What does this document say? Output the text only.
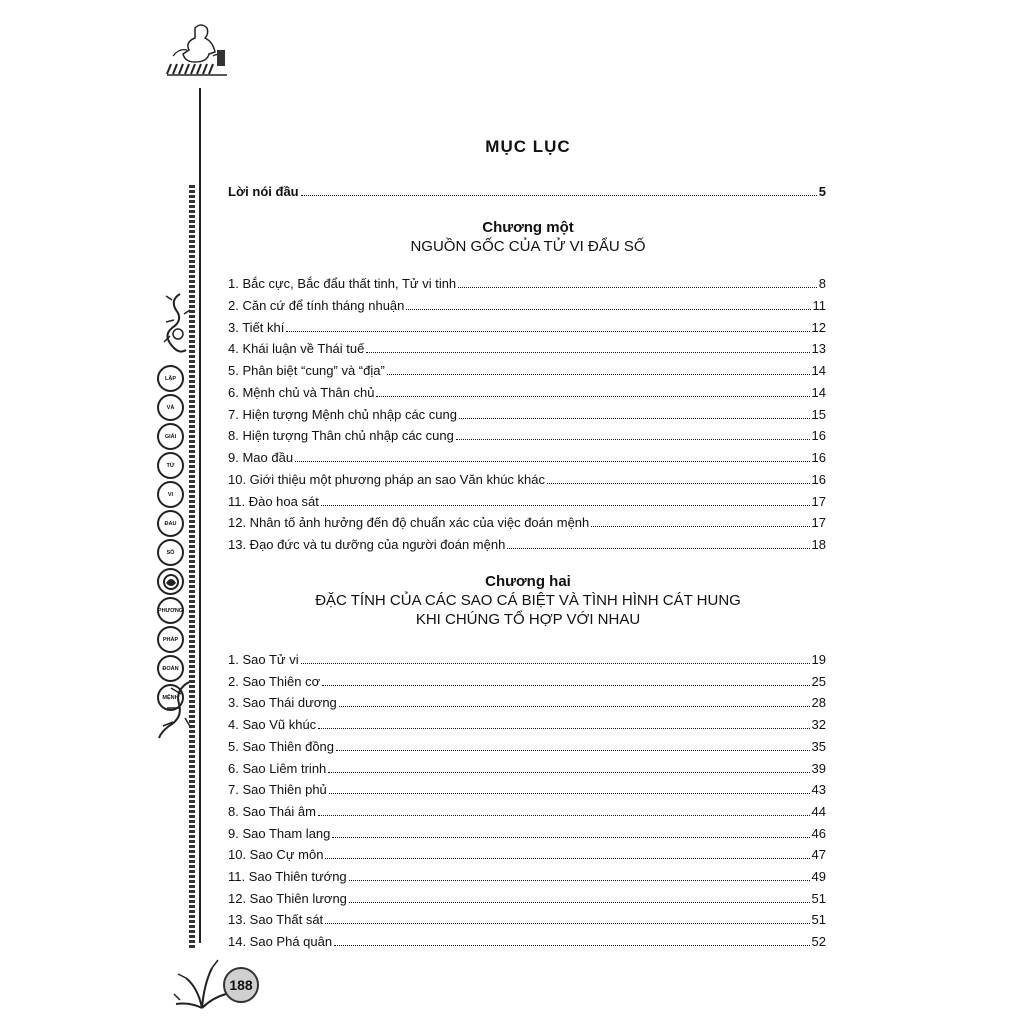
LẬP
VÀ
GIẢI
TỬ
VI
ĐẨU
SỐ
PHƯƠNG
PHÁP
ĐOÁN
MỆNH
188
MỤC LỤC
Lời nói đầu	5
Chương một
NGUỒN GỐC CỦA TỬ VI ĐẨU SỐ
1. Bắc cực, Bắc đẩu thất tinh, Tử vi tinh	8
2. Căn cứ để tính tháng nhuận	11
3. Tiết khí	12
4. Khái luận về Thái tuế	13
5. Phân biệt “cung” và “địa”	14
6. Mệnh chủ và Thân chủ	14
7. Hiện tượng Mệnh chủ nhập các cung	15
8. Hiện tượng Thân chủ nhập các cung	16
9. Mao đầu	16
10. Giới thiệu một phương pháp an sao Văn khúc khác	16
11. Đào hoa sát	17
12. Nhân tố ảnh hưởng đến độ chuẩn xác của việc đoán mệnh	17
13. Đạo đức và tu dưỡng của người đoán mệnh	18
Chương hai
ĐẶC TÍNH CỦA CÁC SAO CÁ BIỆT VÀ TÌNH HÌNH CÁT HUNG
KHI CHÚNG TỔ HỢP VỚI NHAU
1. Sao Tử vi	19
2. Sao Thiên cơ	25
3. Sao Thái dương	28
4. Sao Vũ khúc	32
5. Sao Thiên đồng	35
6. Sao Liêm trinh	39
7. Sao Thiên phủ	43
8. Sao Thái âm	44
9. Sao Tham lang	46
10. Sao Cự môn	47
11. Sao Thiên tướng	49
12. Sao Thiên lương	51
13. Sao Thất sát	51
14. Sao Phá quân	52
